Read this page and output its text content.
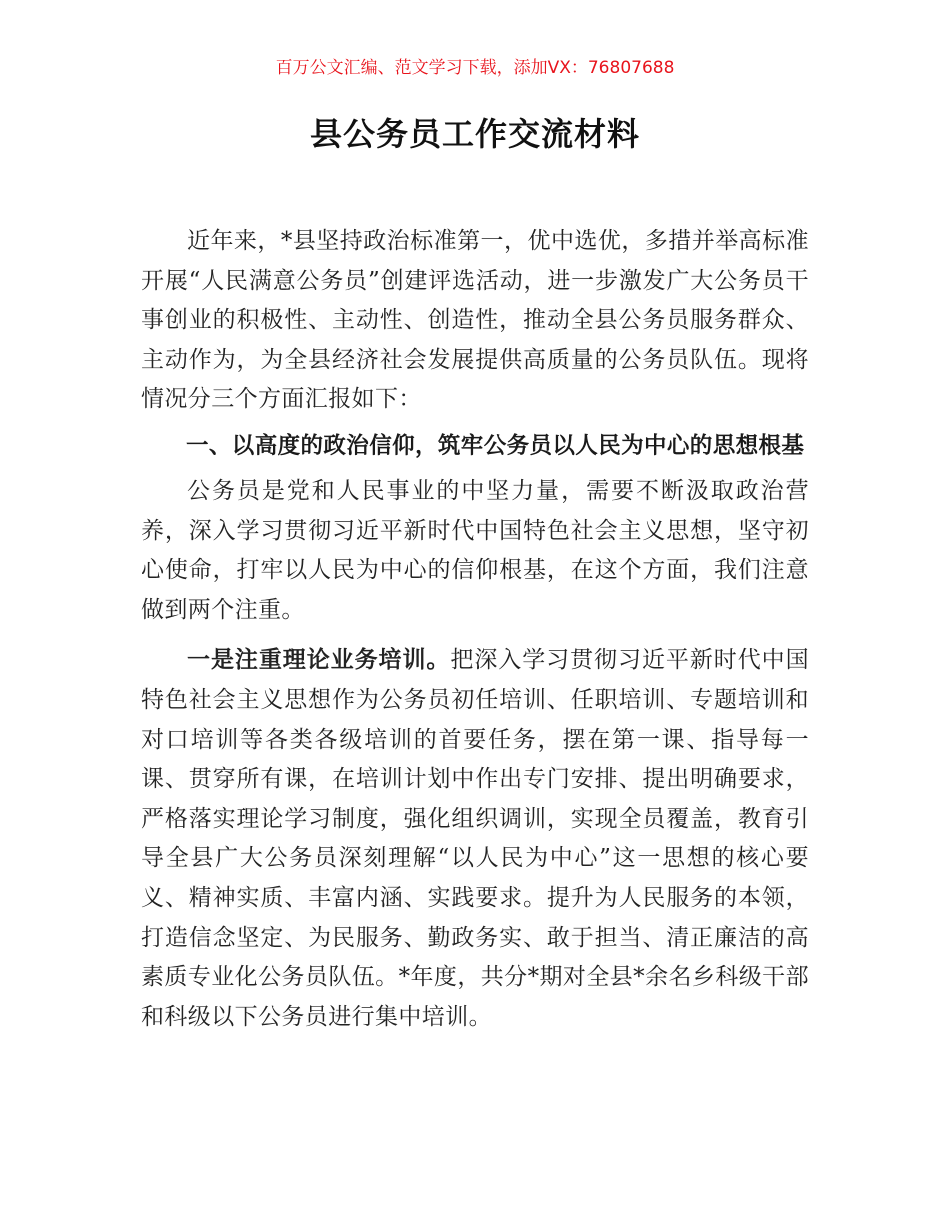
百万公文汇编、范文学习下载，添加VX：76807688
县公务员工作交流材料

近年来，*县坚持政治标准第一，优中选优，多措并举高标准开展“人民满意公务员”创建评选活动，进一步激发广大公务员干事创业的积极性、主动性、创造性，推动全县公务员服务群众、主动作为，为全县经济社会发展提供高质量的公务员队伍。现将情况分三个方面汇报如下：

一、以高度的政治信仰，筑牢公务员以人民为中心的思想根基

公务员是党和人民事业的中坚力量，需要不断汲取政治营养，深入学习贯彻习近平新时代中国特色社会主义思想，坚守初心使命，打牢以人民为中心的信仰根基，在这个方面，我们注意做到两个注重。

一是注重理论业务培训。把深入学习贯彻习近平新时代中国特色社会主义思想作为公务员初任培训、任职培训、专题培训和对口培训等各类各级培训的首要任务，摆在第一课、指导每一课、贯穿所有课，在培训计划中作出专门安排、提出明确要求，严格落实理论学习制度，强化组织调训，实现全员覆盖，教育引导全县广大公务员深刻理解“以人民为中心”这一思想的核心要义、精神实质、丰富内涵、实践要求。提升为人民服务的本领，打造信念坚定、为民服务、勤政务实、敢于担当、清正廉洁的高素质专业化公务员队伍。*年度，共分*期对全县*余名乡科级干部和科级以下公务员进行集中培训。
